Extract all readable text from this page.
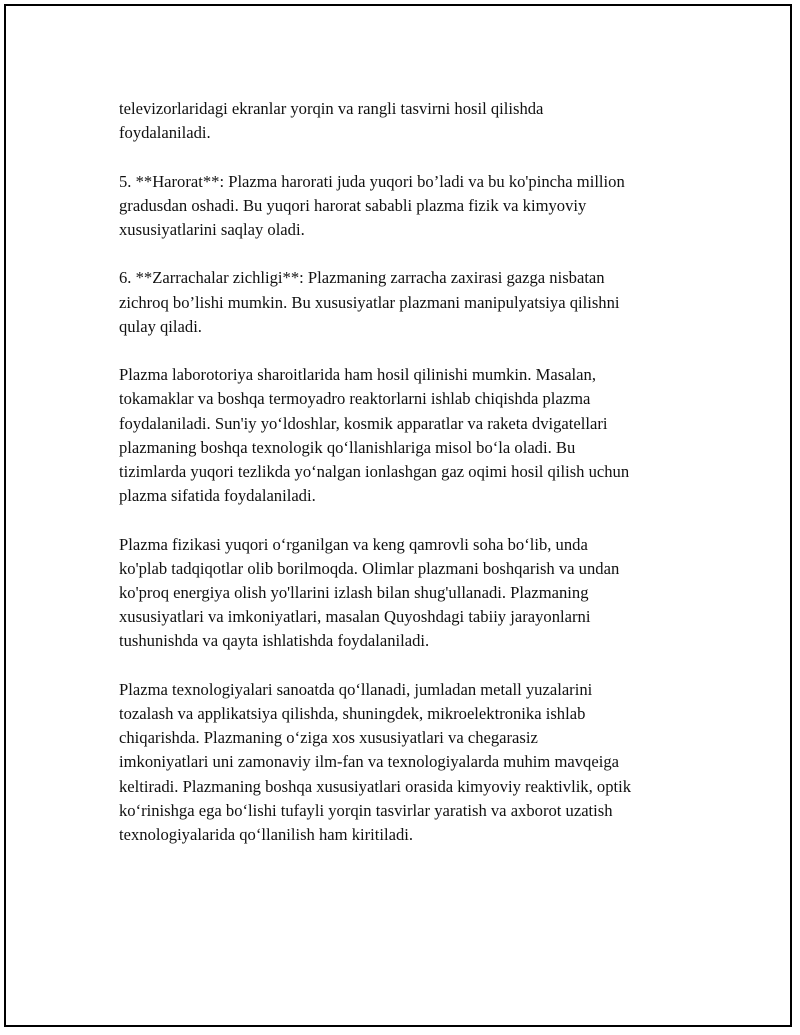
televizorlaridagi ekranlar yorqin va rangli tasvirni hosil qilishda
foydalaniladi.

5. **Harorat**: Plazma harorati juda yuqori bo’ladi va bu ko'pincha million
gradusdan oshadi. Bu yuqori harorat sababli plazma fizik va kimyoviy
xususiyatlarini saqlay oladi.

6. **Zarrachalar zichligi**: Plazmaning zarracha zaxirasi gazga nisbatan
zichroq bo’lishi mumkin. Bu xususiyatlar plazmani manipulyatsiya qilishni
qulay qiladi.

Plazma laborotoriya sharoitlarida ham hosil qilinishi mumkin. Masalan,
tokamaklar va boshqa termoyadro reaktorlarni ishlab chiqishda plazma
foydalaniladi. Sun'iy yo‘ldoshlar, kosmik apparatlar va raketa dvigatellari
plazmaning boshqa texnologik qo‘llanishlariga misol bo‘la oladi. Bu
tizimlarda yuqori tezlikda yo‘nalgan ionlashgan gaz oqimi hosil qilish uchun
plazma sifatida foydalaniladi.

Plazma fizikasi yuqori o‘rganilgan va keng qamrovli soha bo‘lib, unda
ko'plab tadqiqotlar olib borilmoqda. Olimlar plazmani boshqarish va undan
ko'proq energiya olish yo'llarini izlash bilan shug'ullanadi. Plazmaning
xususiyatlari va imkoniyatlari, masalan Quyoshdagi tabiiy jarayonlarni
tushunishda va qayta ishlatishda foydalaniladi.

Plazma texnologiyalari sanoatda qo‘llanadi, jumladan metall yuzalarini
tozalash va applikatsiya qilishda, shuningdek, mikroelektronika ishlab
chiqarishda. Plazmaning o‘ziga xos xususiyatlari va chegarasiz
imkoniyatlari uni zamonaviy ilm-fan va texnologiyalarda muhim mavqeiga
keltiradi. Plazmaning boshqa xususiyatlari orasida kimyoviy reaktivlik, optik
ko‘rinishga ega bo‘lishi tufayli yorqin tasvirlar yaratish va axborot uzatish
texnologiyalarida qo‘llanilish ham kiritiladi.
